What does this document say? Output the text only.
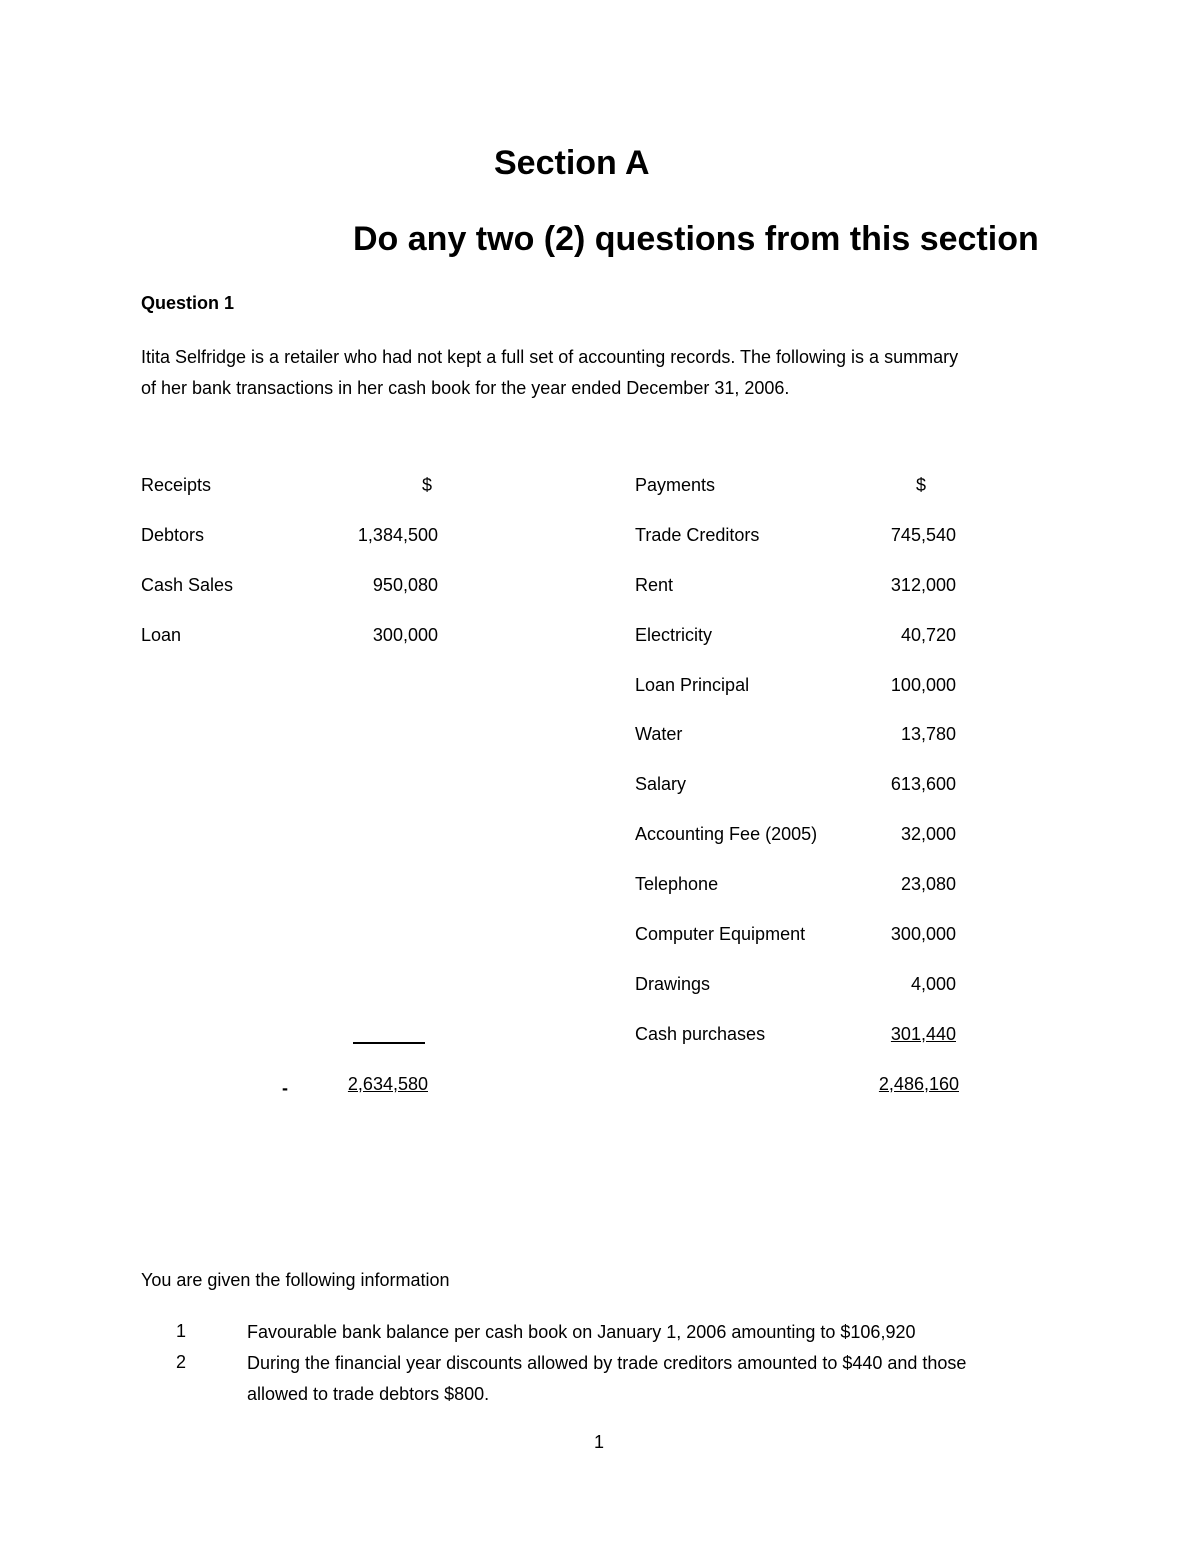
Section A
Do any two (2) questions from this section
Question 1
Itita Selfridge is a retailer who had not kept a full set of accounting records. The following is a summary
of her bank transactions in her cash book for the year ended December 31, 2006.
Receipts	$
Debtors	1,384,500
Cash Sales	950,080
Loan	300,000
-	2,634,580
Payments	$
Trade Creditors	745,540
Rent	312,000
Electricity	40,720
Loan Principal	100,000
Water	13,780
Salary	613,600
Accounting Fee (2005)	32,000
Telephone	23,080
Computer Equipment	300,000
Drawings	4,000
Cash purchases	301,440
2,486,160
You are given the following information
1	Favourable bank balance per cash book on January 1, 2006 amounting to $106,920
2	During the financial year discounts allowed by trade creditors amounted to $440 and those
allowed to trade debtors $800.
1
